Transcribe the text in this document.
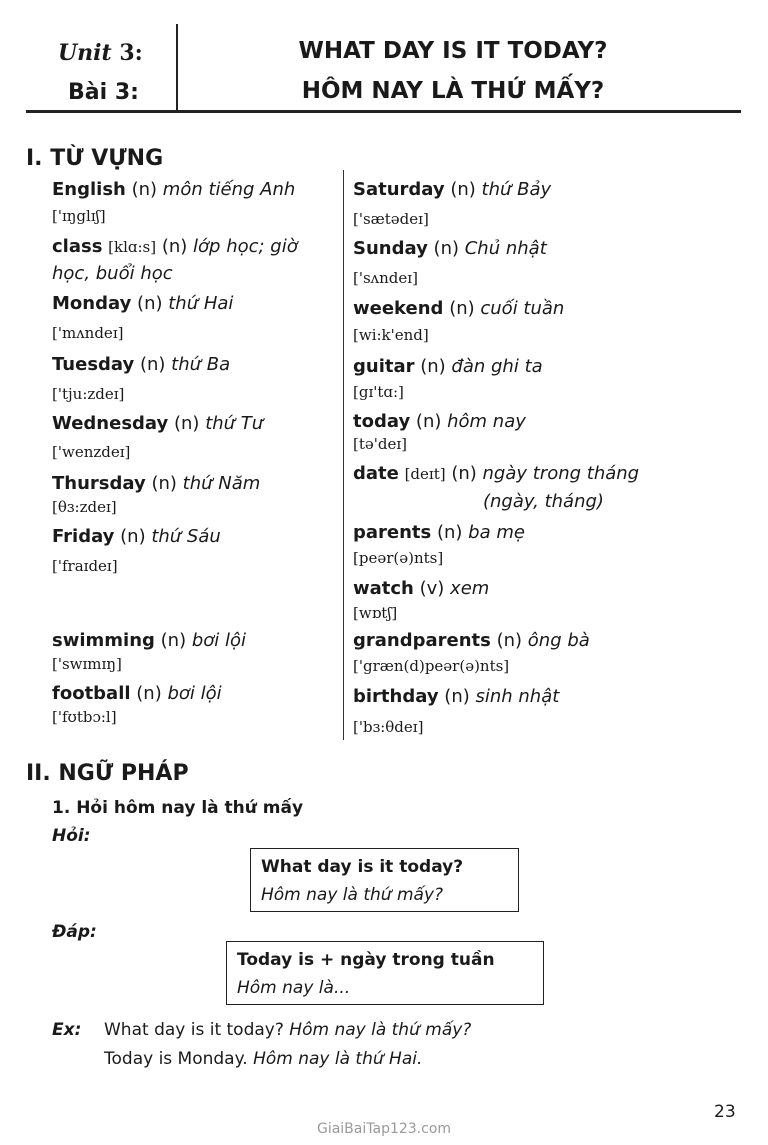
Unit 3:
Bài 3:
WHAT DAY IS IT TODAY?
HÔM NAY LÀ THỨ MẤY?
I. TỪ VỰNG
English (n) môn tiếng Anh
['ɪŋglɪʃ]
class [klɑ:s] (n) lớp học; giờ
học, buổi học
Monday (n) thứ Hai
['mʌndeɪ]
Tuesday (n) thứ Ba
['tju:zdeɪ]
Wednesday (n) thứ Tư
['wenzdeɪ]
Thursday (n) thứ Năm
[θɜ:zdeɪ]
Friday (n) thứ Sáu
['fraɪdeɪ]
swimming (n) bơi lội
['swɪmɪŋ]
football (n) bơi lội
['fʊtbɔ:l]
Saturday (n) thứ Bảy
['sætədeɪ]
Sunday (n) Chủ nhật
['sʌndeɪ]
weekend (n) cuối tuần
[wi:k'end]
guitar (n) đàn ghi ta
[gɪ'tɑ:]
today (n) hôm nay
[tə'deɪ]
date [deɪt] (n) ngày trong tháng
(ngày, tháng)
parents (n) ba mẹ
[peər(ə)nts]
watch (v) xem
[wɒtʃ]
grandparents (n) ông bà
['græn(d)peər(ə)nts]
birthday (n) sinh nhật
['bɜ:θdeɪ]
II. NGỮ PHÁP
1. Hỏi hôm nay là thứ mấy
Hỏi:
What day is it today?
Hôm nay là thứ mấy?
Đáp:
Today is + ngày trong tuần
Hôm nay là...
Ex: What day is it today? Hôm nay là thứ mấy?
Today is Monday. Hôm nay là thứ Hai.
23
GiaiBaiTap123.com
